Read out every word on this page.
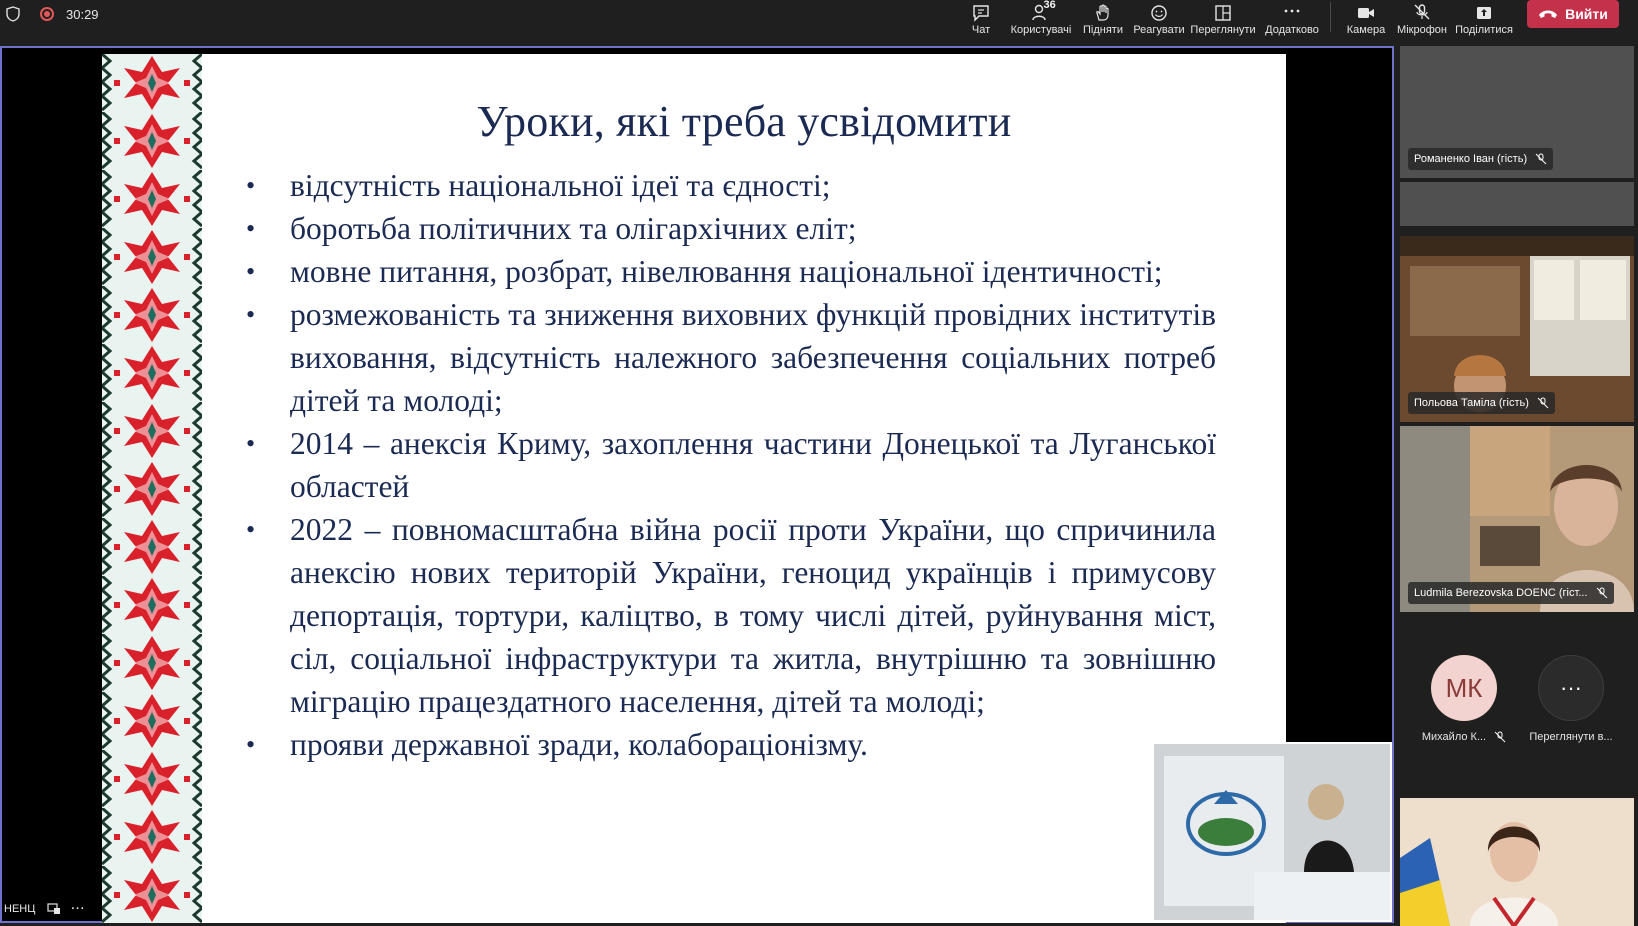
30:29
Чат
36
Користувачі Підняти Реагувати Переглянути Додатково	Камера Мікрофон Поділитися
Вийти
Уроки, які треба усвідомити
• відсутність національної ідеї та єдності;
• боротьба політичних та олігархічних еліт;
• мовне питання, розбрат, нівелювання національної ідентичності;
• розмежованість та зниження виховних функцій провідних інститутів виховання, відсутність належного забезпечення соціальних потреб дітей та молоді;
• 2014 – анексія Криму, захоплення частини Донецької та Луганської областей
• 2022 – повномасштабна війна росії проти України, що спричинила анексію нових територій України, геноцид українців і примусову депортація, тортури, каліцтво, в тому числі дітей, руйнування міст, сіл, соціальної інфраструктури та житла, внутрішню та зовнішню міграцію працездатного населення, дітей та молоді;
• прояви державної зради, колабораціонізму.
НЕНЦ	···
Романенко Іван (гість)
Польова Таміла (гість)
Ludmila Berezovska DOENC (гіст...
МК
Михайло К...
···
Переглянути в...
